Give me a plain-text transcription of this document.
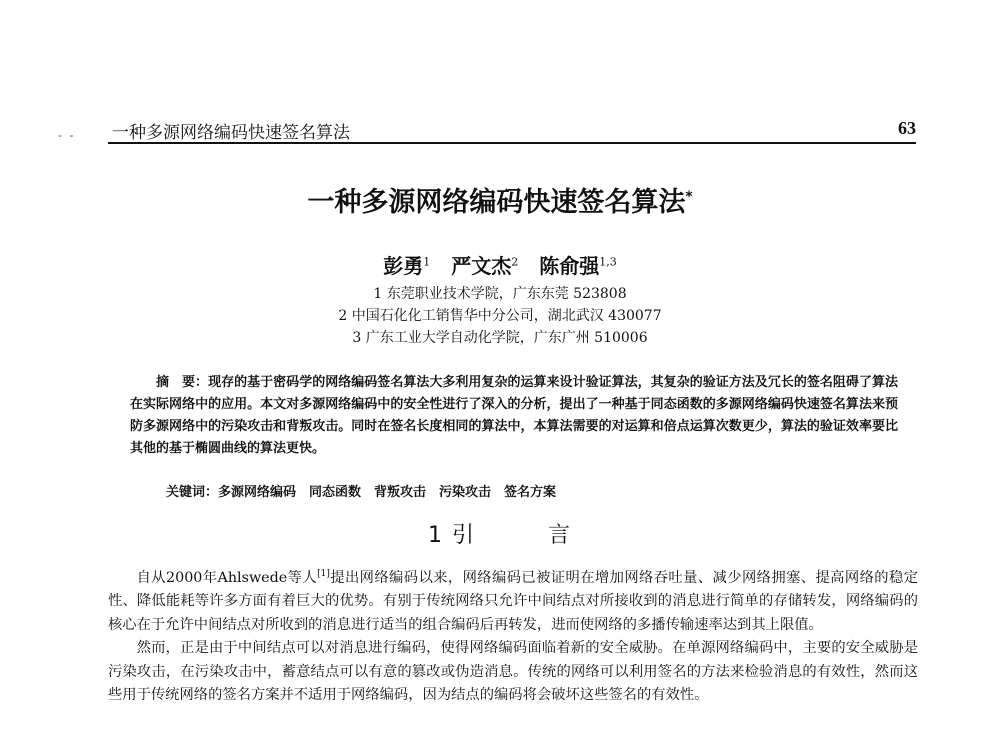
- - 一种多源网络编码快速签名算法	63
一种多源网络编码快速签名算法*
彭勇$^1$ 严文杰$^2$ 陈俞强$^{1,3}$
1 东莞职业技术学院，广东东莞 523808
2 中国石化化工销售华中分公司，湖北武汉 430077
3 广东工业大学自动化学院，广东广州 510006
摘　要：现存的基于密码学的网络编码签名算法大多利用复杂的运算来设计验证算法，其复杂的验证方法及冗长的签名阻碍了算法在实际网络中的应用。本文对多源网络编码中的安全性进行了深入的分析，提出了一种基于同态函数的多源网络编码快速签名算法来预防多源网络中的污染攻击和背叛攻击。同时在签名长度相同的算法中，本算法需要的对运算和倍点运算次数更少，算法的验证效率要比其他的基于椭圆曲线的算法更快。
关键词：多源网络编码　同态函数　背叛攻击　污染攻击　签名方案
1 引	言

自从2000年Ahlswede等人[1]提出网络编码以来，网络编码已被证明在增加网络吞吐量、减少网络拥塞、提高网络的稳定性、降低能耗等许多方面有着巨大的优势。有别于传统网络只允许中间结点对所接收到的消息进行简单的存储转发，网络编码的核心在于允许中间结点对所收到的消息进行适当的组合编码后再转发，进而使网络的多播传输速率达到其上限值。

然而，正是由于中间结点可以对消息进行编码，使得网络编码面临着新的安全威胁。在单源网络编码中，主要的安全威胁是污染攻击，在污染攻击中，蓄意结点可以有意的篡改或伪造消息。传统的网络可以利用签名的方法来检验消息的有效性，然而这些用于传统网络的签名方案并不适用于网络编码，因为结点的编码将会破坏这些签名的有效性。
